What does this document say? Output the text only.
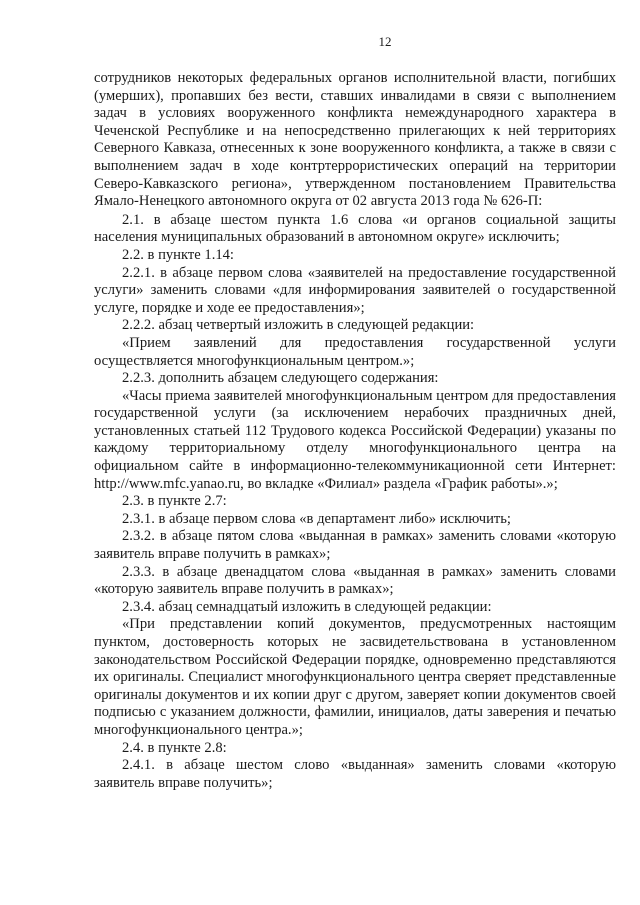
12

сотрудников некоторых федеральных органов исполнительной власти, погибших (умерших), пропавших без вести, ставших инвалидами в связи с выполнением задач в условиях вооруженного конфликта немеждународного характера в Чеченской Республике и на непосредственно прилегающих к ней территориях Северного Кавказа, отнесенных к зоне вооруженного конфликта, а также в связи с выполнением задач в ходе контртеррористических операций на территории Северо-Кавказского региона», утвержденном постановлением Правительства Ямало-Ненецкого автономного округа от 02 августа 2013 года № 626-П:

2.1. в абзаце шестом пункта 1.6 слова «и органов социальной защиты населения муниципальных образований в автономном округе» исключить;

2.2. в пункте 1.14:

2.2.1. в абзаце первом слова «заявителей на предоставление государственной услуги» заменить словами «для информирования заявителей о государственной услуге, порядке и ходе ее предоставления»;

2.2.2. абзац четвертый изложить в следующей редакции:

«Прием заявлений для предоставления государственной услуги осуществляется многофункциональным центром.»;

2.2.3. дополнить абзацем следующего содержания:

«Часы приема заявителей многофункциональным центром для предоставления государственной услуги (за исключением нерабочих праздничных дней, установленных статьей 112 Трудового кодекса Российской Федерации) указаны по каждому территориальному отделу многофункционального центра на официальном сайте в информационно-телекоммуникационной сети Интернет: http://www.mfc.yanao.ru, во вкладке «Филиал» раздела «График работы».»;

2.3. в пункте 2.7:

2.3.1. в абзаце первом слова «в департамент либо» исключить;

2.3.2. в абзаце пятом слова «выданная в рамках» заменить словами «которую заявитель вправе получить в рамках»;

2.3.3. в абзаце двенадцатом слова «выданная в рамках» заменить словами «которую заявитель вправе получить в рамках»;

2.3.4. абзац семнадцатый изложить в следующей редакции:

«При представлении копий документов, предусмотренных настоящим пунктом, достоверность которых не засвидетельствована в установленном законодательством Российской Федерации порядке, одновременно представляются их оригиналы. Специалист многофункционального центра сверяет представленные оригиналы документов и их копии друг с другом, заверяет копии документов своей подписью с указанием должности, фамилии, инициалов, даты заверения и печатью многофункционального центра.»;

2.4. в пункте 2.8:

2.4.1. в абзаце шестом слово «выданная» заменить словами «которую заявитель вправе получить»;
